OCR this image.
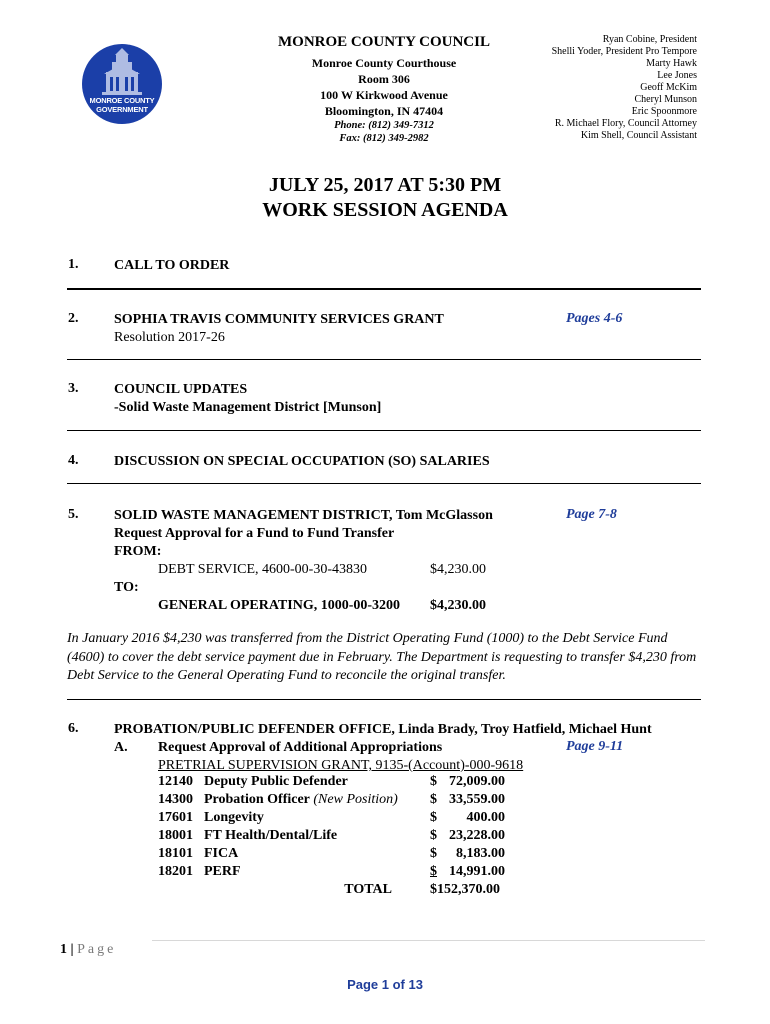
MONROE COUNTY
GOVERNMENT
MONROE COUNTY COUNCIL
Monroe County Courthouse
Room 306
100 W Kirkwood Avenue
Bloomington, IN 47404
Phone: (812) 349-7312
Fax: (812) 349-2982
Ryan Cobine, President
Shelli Yoder, President Pro Tempore
Marty Hawk
Lee Jones
Geoff McKim
Cheryl Munson
Eric Spoonmore
R. Michael Flory, Council Attorney
Kim Shell, Council Assistant
JULY 25, 2017 AT 5:30 PM
WORK SESSION AGENDA
1.	CALL TO ORDER
2.	SOPHIA TRAVIS COMMUNITY SERVICES GRANT
Resolution 2017-26
Pages 4-6
3.	COUNCIL UPDATES
-Solid Waste Management District [Munson]
4.	DISCUSSION ON SPECIAL OCCUPATION (SO) SALARIES
5.	SOLID WASTE MANAGEMENT DISTRICT, Tom McGlasson	Page 7-8
Request Approval for a Fund to Fund Transfer
FROM:
DEBT SERVICE, 4600-00-30-43830	$4,230.00
TO:
GENERAL OPERATING, 1000-00-3200 $4,230.00
In January 2016 $4,230 was transferred from the District Operating Fund (1000) to the Debt Service Fund (4600) to cover the debt service payment due in February. The Department is requesting to transfer $4,230 from Debt Service to the General Operating Fund to reconcile the original transfer.
6.	PROBATION/PUBLIC DEFENDER OFFICE, Linda Brady, Troy Hatfield, Michael Hunt
A. Request Approval of Additional Appropriations	Page 9-11
PRETRIAL SUPERVISION GRANT, 9135-(Account)-000-9618
12140	Deputy Public Defender	$ 72,009.00
14300	Probation Officer (New Position)	$ 33,559.00
17601	Longevity	$ 400.00
18001	FT Health/Dental/Life	$ 23,228.00
18101	FICA	$ 8,183.00
18201	PERF	$ 14,991.00
	TOTAL	$152,370.00
1 | Page
Page 1 of 13
